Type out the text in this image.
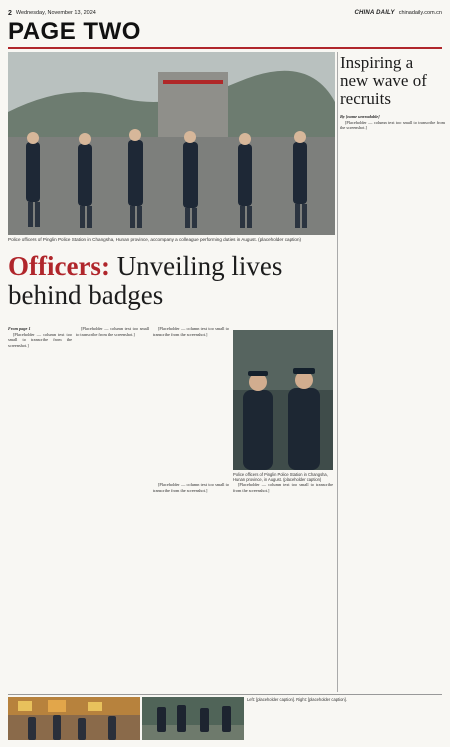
2 Wednesday, November 13, 2024	CHINA DAILY chinadaily.com.cn
PAGE TWO
Police officers of Pinglin Police Station in Changsha, Hunan province, accompany a colleague performing duties in August. (placeholder caption)
Officers: Unveiling lives behind badges
From page 1

[Placeholder — column text too small to transcribe from the screenshot.]

[Placeholder — column text too small to transcribe from the screenshot.]

[Placeholder — column text too small to transcribe from the screenshot.]

Police officers of Pinglin Police Station in Changsha, Hunan province, in August. (placeholder caption)

[Placeholder — column text too small to transcribe from the screenshot.]

[Placeholder — column text too small to transcribe from the screenshot.]

Inspiring a new wave of recruits
By [name unreadable]

[Placeholder — column text too small to transcribe from the screenshot.]

Left: [placeholder caption]. Right: [placeholder caption].
